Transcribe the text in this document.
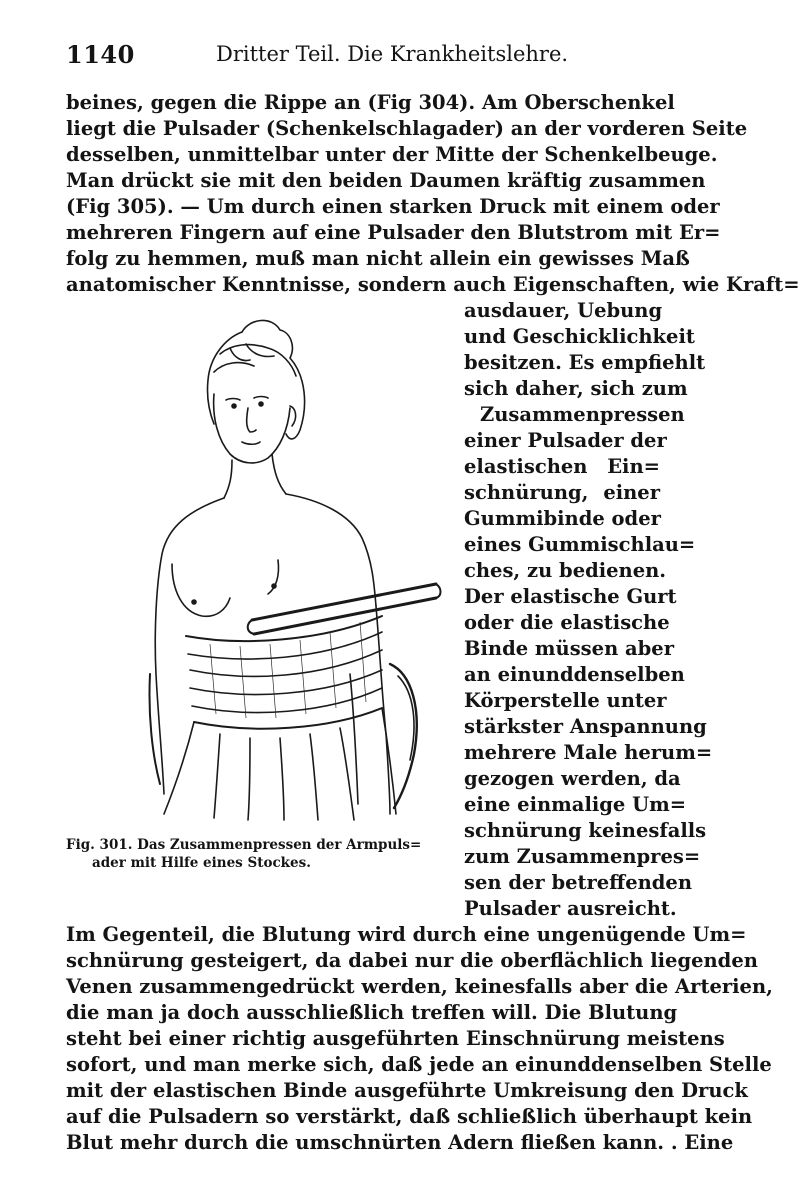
1140	Dritter Teil. Die Krankheitslehre.
beines, gegen die Rippe an (Fig 304). Am Oberschenkel
liegt die Pulsader (Schenkelschlagader) an der vorderen Seite
desselben, unmittelbar unter der Mitte der Schenkelbeuge.
Man drückt sie mit den beiden Daumen kräftig zusammen
(Fig 305). — Um durch einen starken Druck mit einem oder
mehreren Fingern auf eine Pulsader den Blutstrom mit Er=
folg zu hemmen, muß man nicht allein ein gewisses Maß
anatomischer Kenntnisse, sondern auch Eigenschaften, wie Kraft=
ausdauer, Uebung
und Geschicklichkeit
besitzen. Es empfiehlt
sich daher, sich zum
Zusammenpressen
einer Pulsader der
elastischen Ein=
schnürung, einer
Gummibinde oder
eines Gummischlau=
ches, zu bedienen.
Der elastische Gurt
oder die elastische
Binde müssen aber
an einunddenselben
Körperstelle unter
stärkster Anspannung
mehrere Male herum=
gezogen werden, da
eine einmalige Um=
schnürung keinesfalls
zum Zusammenpres=
sen der betreffenden
Pulsader ausreicht.
Im Gegenteil, die Blutung wird durch eine ungenügende Um=
schnürung gesteigert, da dabei nur die oberflächlich liegenden
Venen zusammengedrückt werden, keinesfalls aber die Arterien,
die man ja doch ausschließlich treffen will. Die Blutung
steht bei einer richtig ausgeführten Einschnürung meistens
sofort, und man merke sich, daß jede an einunddenselben Stelle
mit der elastischen Binde ausgeführte Umkreisung den Druck
auf die Pulsadern so verstärkt, daß schließlich überhaupt kein
Blut mehr durch die umschnürten Adern fließen kann. . Eine
Fig. 301. Das Zusammenpressen der Armpuls=
ader mit Hilfe eines Stockes.
